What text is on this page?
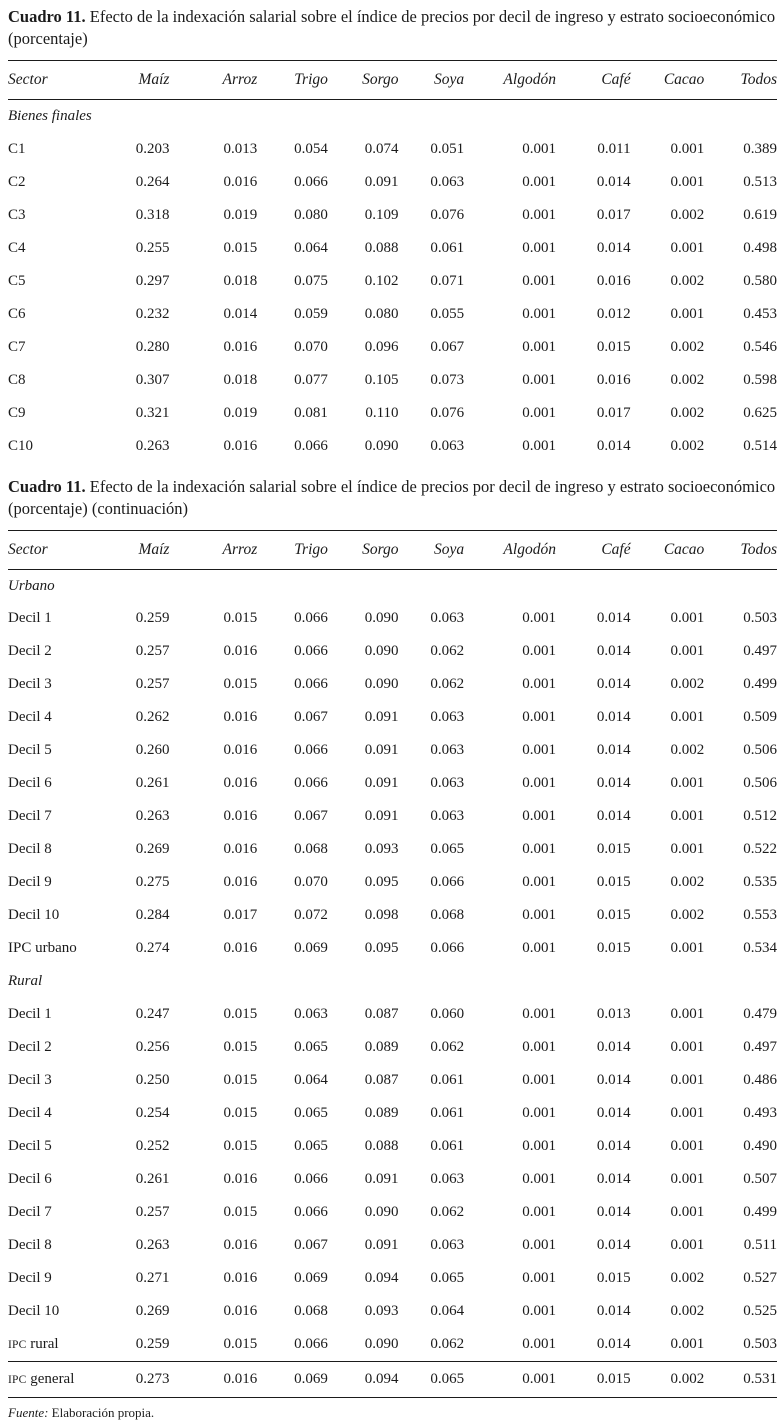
Cuadro 11. Efecto de la indexación salarial sobre el índice de precios por decil de ingreso y estrato socioeconómico (porcentaje)

Sector	Maíz	Arroz	Trigo	Sorgo	Soya	Algodón	Café	Cacao	Todos
Bienes finales									
C1	0.203	0.013	0.054	0.074	0.051	0.001	0.011	0.001	0.389
C2	0.264	0.016	0.066	0.091	0.063	0.001	0.014	0.001	0.513
C3	0.318	0.019	0.080	0.109	0.076	0.001	0.017	0.002	0.619
C4	0.255	0.015	0.064	0.088	0.061	0.001	0.014	0.001	0.498
C5	0.297	0.018	0.075	0.102	0.071	0.001	0.016	0.002	0.580
C6	0.232	0.014	0.059	0.080	0.055	0.001	0.012	0.001	0.453
C7	0.280	0.016	0.070	0.096	0.067	0.001	0.015	0.002	0.546
C8	0.307	0.018	0.077	0.105	0.073	0.001	0.016	0.002	0.598
C9	0.321	0.019	0.081	0.110	0.076	0.001	0.017	0.002	0.625
C10	0.263	0.016	0.066	0.090	0.063	0.001	0.014	0.002	0.514

Cuadro 11. Efecto de la indexación salarial sobre el índice de precios por decil de ingreso y estrato socioeconómico (porcentaje) (continuación)

Sector	Maíz	Arroz	Trigo	Sorgo	Soya	Algodón	Café	Cacao	Todos
Urbano									
Decil 1	0.259	0.015	0.066	0.090	0.063	0.001	0.014	0.001	0.503
Decil 2	0.257	0.016	0.066	0.090	0.062	0.001	0.014	0.001	0.497
Decil 3	0.257	0.015	0.066	0.090	0.062	0.001	0.014	0.002	0.499
Decil 4	0.262	0.016	0.067	0.091	0.063	0.001	0.014	0.001	0.509
Decil 5	0.260	0.016	0.066	0.091	0.063	0.001	0.014	0.002	0.506
Decil 6	0.261	0.016	0.066	0.091	0.063	0.001	0.014	0.001	0.506
Decil 7	0.263	0.016	0.067	0.091	0.063	0.001	0.014	0.001	0.512
Decil 8	0.269	0.016	0.068	0.093	0.065	0.001	0.015	0.001	0.522
Decil 9	0.275	0.016	0.070	0.095	0.066	0.001	0.015	0.002	0.535
Decil 10	0.284	0.017	0.072	0.098	0.068	0.001	0.015	0.002	0.553
IPC urbano	0.274	0.016	0.069	0.095	0.066	0.001	0.015	0.001	0.534
Rural									
Decil 1	0.247	0.015	0.063	0.087	0.060	0.001	0.013	0.001	0.479
Decil 2	0.256	0.015	0.065	0.089	0.062	0.001	0.014	0.001	0.497
Decil 3	0.250	0.015	0.064	0.087	0.061	0.001	0.014	0.001	0.486
Decil 4	0.254	0.015	0.065	0.089	0.061	0.001	0.014	0.001	0.493
Decil 5	0.252	0.015	0.065	0.088	0.061	0.001	0.014	0.001	0.490
Decil 6	0.261	0.016	0.066	0.091	0.063	0.001	0.014	0.001	0.507
Decil 7	0.257	0.015	0.066	0.090	0.062	0.001	0.014	0.001	0.499
Decil 8	0.263	0.016	0.067	0.091	0.063	0.001	0.014	0.001	0.511
Decil 9	0.271	0.016	0.069	0.094	0.065	0.001	0.015	0.002	0.527
Decil 10	0.269	0.016	0.068	0.093	0.064	0.001	0.014	0.002	0.525
IPC rural	0.259	0.015	0.066	0.090	0.062	0.001	0.014	0.001	0.503
IPC general	0.273	0.016	0.069	0.094	0.065	0.001	0.015	0.002	0.531

Fuente: Elaboración propia.
